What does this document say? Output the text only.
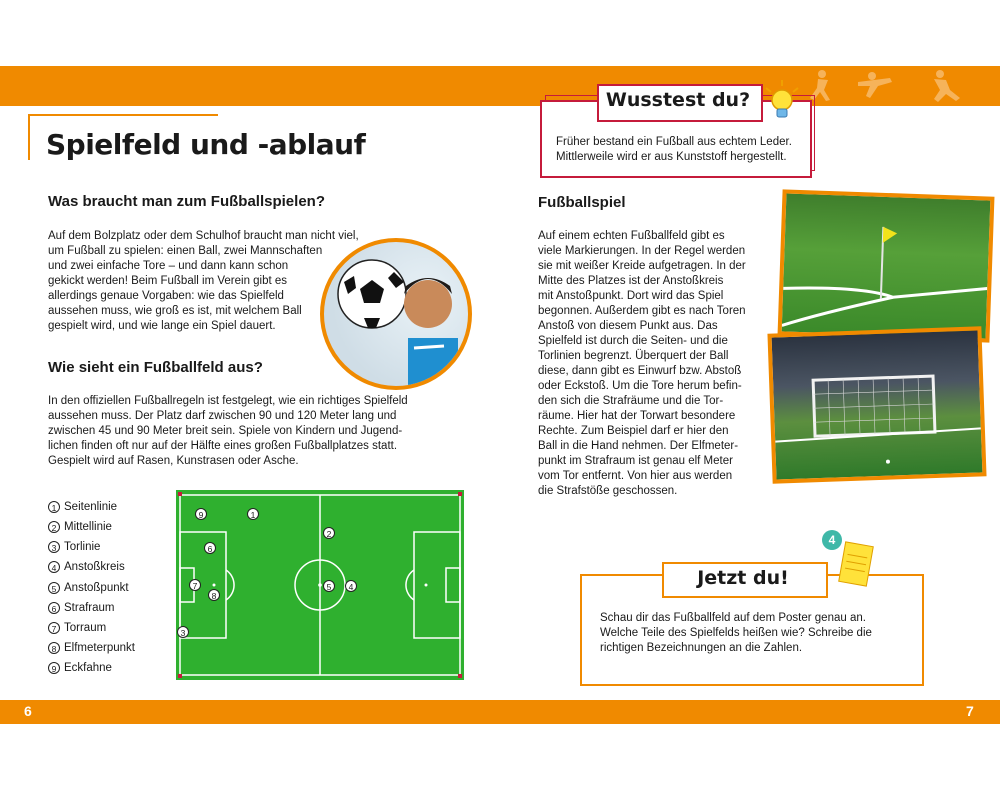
Spielfeld und -ablauf
Was braucht man zum Fußballspielen?
Auf dem Bolzplatz oder dem Schulhof braucht man nicht viel,
um Fußball zu spielen: einen Ball, zwei Mannschaften
und zwei einfache Tore – und dann kann schon
gekickt werden! Beim Fußball im Verein gibt es
allerdings genaue Vorgaben: wie das Spielfeld
aussehen muss, wie groß es ist, mit welchem Ball
gespielt wird, und wie lange ein Spiel dauert.
Wie sieht ein Fußballfeld aus?
In den offiziellen Fußballregeln ist festgelegt, wie ein richtiges Spielfeld
aussehen muss. Der Platz darf zwischen 90 und 120 Meter lang und
zwischen 45 und 90 Meter breit sein. Spiele von Kindern und Jugend-
lichen finden oft nur auf der Hälfte eines großen Fußballplatzes statt.
Gespielt wird auf Rasen, Kunstrasen oder Asche.
1 Seitenlinie
2 Mittellinie
3 Torlinie
4 Anstoßkreis
5 Anstoßpunkt
6 Strafraum
7 Torraum
8 Elfmeterpunkt
9 Eckfahne
9	1
2
6
5	4
7
8
3
Früher bestand ein Fußball aus echtem Leder.
Mittlerweile wird er aus Kunststoff hergestellt.
Wusstest du?
Fußballspiel
Auf einem echten Fußballfeld gibt es
viele Markierungen. In der Regel werden
sie mit weißer Kreide aufgetragen. In der
Mitte des Platzes ist der Anstoßkreis
mit Anstoßpunkt. Dort wird das Spiel
begonnen. Außerdem gibt es nach Toren
Anstoß von diesem Punkt aus. Das
Spielfeld ist durch die Seiten- und die
Torlinien begrenzt. Überquert der Ball
diese, dann gibt es Einwurf bzw. Abstoß
oder Eckstoß. Um die Tore herum befin-
den sich die Strafräume und die Tor-
räume. Hier hat der Torwart besondere
Rechte. Zum Beispiel darf er hier den
Ball in die Hand nehmen. Der Elfmeter-
punkt im Strafraum ist genau elf Meter
vom Tor entfernt. Von hier aus werden
die Strafstöße geschossen.
Schau dir das Fußballfeld auf dem Poster genau an.
Welche Teile des Spielfelds heißen wie? Schreibe die
richtigen Bezeichnungen an die Zahlen.
Jetzt du!
4
6	7
